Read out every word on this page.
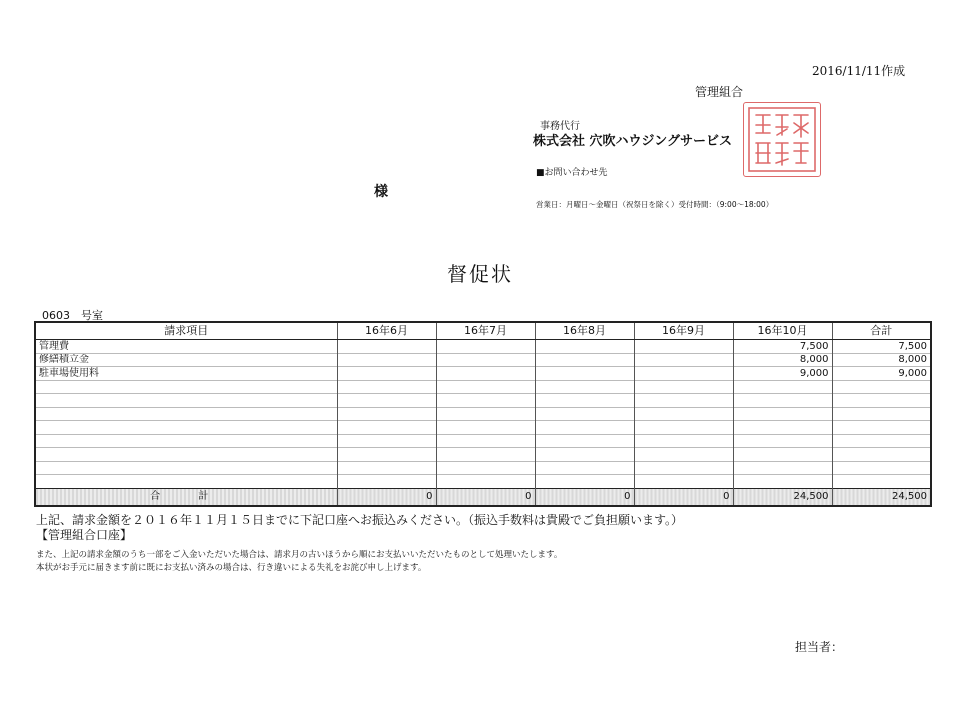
2016/11/11作成
管理組合
事務代行
株式会社 穴吹ハウジングサービス
■お問い合わせ先
営業日：月曜日～金曜日（祝祭日を除く）受付時間：（9:00～18:00）
様
督促状
0603　号室
請求項目	16年6月	16年7月	16年8月	16年9月	16年10月	合計
管理費					7,500	7,500
修繕積立金					8,000	8,000
駐車場使用料					9,000	9,000

合　計	0	0	0	0	24,500	24,500
上記、請求金額を２０１６年１１月１５日までに下記口座へお振込みください。（振込手数料は貴殿でご負担願います。）
【管理組合口座】
また、上記の請求金額のうち一部をご入金いただいた場合は、請求月の古いほうから順にお支払いいただいたものとして処理いたします。
本状がお手元に届きます前に既にお支払い済みの場合は、行き違いによる失礼をお詫び申し上げます。
担当者：
